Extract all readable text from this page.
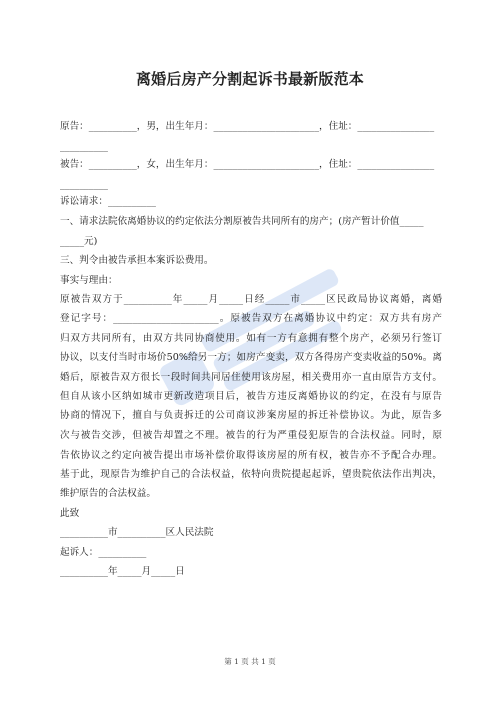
离婚后房产分割起诉书最新版范本
原告：__________，男，出生年月：______________________，住址：________________
__________
被告：__________，女，出生年月：______________________，住址：________________
__________
诉讼请求：__________
一、请求法院依离婚协议的约定依法分割原被告共同所有的房产；(房产暂计价值_____
_____元)
三、判令由被告承担本案诉讼费用。
事实与理由：
原被告双方于__________年_____月_____日经_____市_____区民政局协议离婚，离婚
登记字号：______________________。原被告双方在离婚协议中约定：双方共有房产
归双方共同所有，由双方共同协商使用。如有一方有意拥有整个房产，必须另行签订
协议，以支付当时市场价50%给另一方；如房产变卖，双方各得房产变卖收益的50%。离
婚后，原被告双方很长一段时间共同居住使用该房屋，相关费用亦一直由原告方支付。
但自从该小区纳如城市更新改造项目后，被告方违反离婚协议的约定，在没有与原告
协商的情况下，擅自与负责拆迁的公司商议涉案房屋的拆迁补偿协议。为此，原告多
次与被告交涉，但被告却置之不理。被告的行为严重侵犯原告的合法权益。同时，原
告依协议之约定向被告提出市场补偿价取得该房屋的所有权，被告亦不予配合办理。
基于此，现原告为维护自己的合法权益，依特向贵院提起起诉，望贵院依法作出判决，
维护原告的合法权益。
此致
__________市__________区人民法院
起诉人：__________
__________年_____月_____日
第 1 页 共 1 页
